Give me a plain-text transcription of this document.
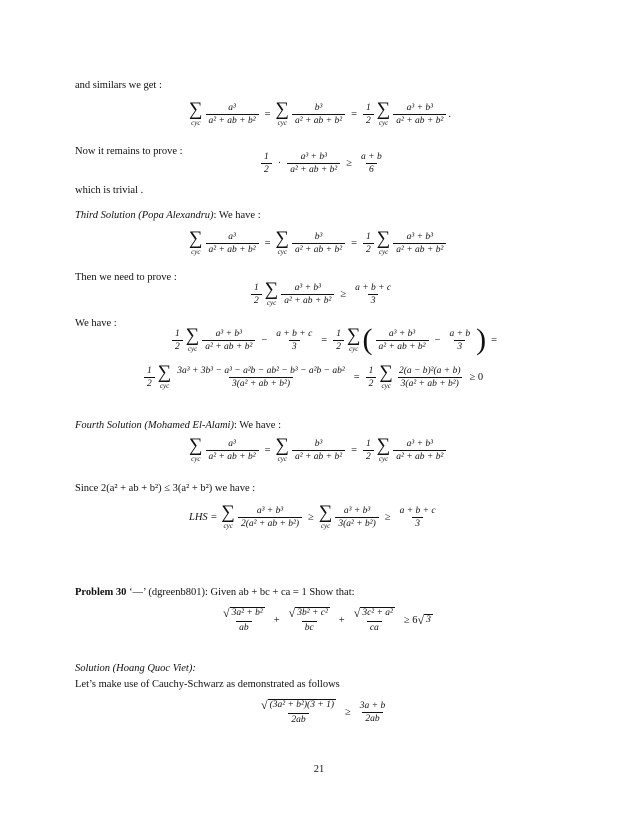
and similars we get :
∑
cyc $\frac{\text{a³}}{\text{a² + ab + b²}}$ = ∑
cyc $\frac{\text{b³}}{\text{a² + ab + b²}} = \frac{1}{2}$ ∑
cyc $\frac{\text{a³ + b³}}{\text{a² + ab + b²}}$ .
Now it remains to prove :
$\frac{1}{2} \cdot \frac{\text{a³ + b³}}{\text{a² + ab + b²}} \ge \frac{a + b}{6}$
which is trivial .
Third Solution (Popa Alexandru): We have :
∑
cyc $\frac{\text{a³}}{\text{a² + ab + b²}}$ = ∑
cyc $\frac{\text{b³}}{\text{a² + ab + b²}} = \frac{1}{2}$ ∑
cyc $\frac{\text{a³ + b³}}{\text{a² + ab + b²}}$
Then we need to prove :
$\frac{1}{2}$ ∑
cyc $\frac{\text{a³ + b³}}{\text{a² + ab + b²}} \ge \frac{a + b + c}{3}$
We have :
$\frac{1}{2}$ ∑
cyc $\frac{\text{a³ + b³}}{\text{a² + ab + b²}} - \frac{a + b + c}{3} = \frac{1}{2}$ ∑
cyc ( $\frac{\text{a³ + b³}}{\text{a² + ab + b²}} - \frac{a + b}{3}$ ) =
$\frac{1}{2}$ ∑
cyc $\frac{\text{3a³ + 3b³ − a³ − a²b − ab² − b³ − a²b − ab²}}{\text{3(a² + ab + b²)}} = \frac{1}{2}$ ∑
cyc $\frac{\text{2(a − b)²(a + b)}}{\text{3(a² + ab + b²)}} \ge 0$
Fourth Solution (Mohamed El-Alami): We have :
∑
cyc $\frac{\text{a³}}{\text{a² + ab + b²}}$ = ∑
cyc $\frac{\text{b³}}{\text{a² + ab + b²}} = \frac{1}{2}$ ∑
cyc $\frac{\text{a³ + b³}}{\text{a² + ab + b²}}$
Since 2(a² + ab + b²) ≤ 3(a² + b²) we have :
LHS = ∑
cyc $\frac{\text{a³ + b³}}{\text{2(a² + ab + b²)}}$ ≥ ∑
cyc $\frac{\text{a³ + b³}}{\text{3(a² + b²)}} \ge \frac{a + b + c}{3}$
Problem 30 ‘—’ (dgreenb801): Given ab + bc + ca = 1 Show that:
$\frac{\text{√ 3a² + b²}}{ab} + \frac{\text{√ 3b² + c²}}{bc} + \frac{\text{√ 3c² + a²}}{ca} \ge 6$ √ 3
Solution (Hoang Quoc Viet):
Let’s make use of Cauchy-Schwarz as demonstrated as follows
$\frac{\text{√ (3a² + b²)(3 + 1)}}{2ab} \ge \frac{3a + b}{2ab}$
21
